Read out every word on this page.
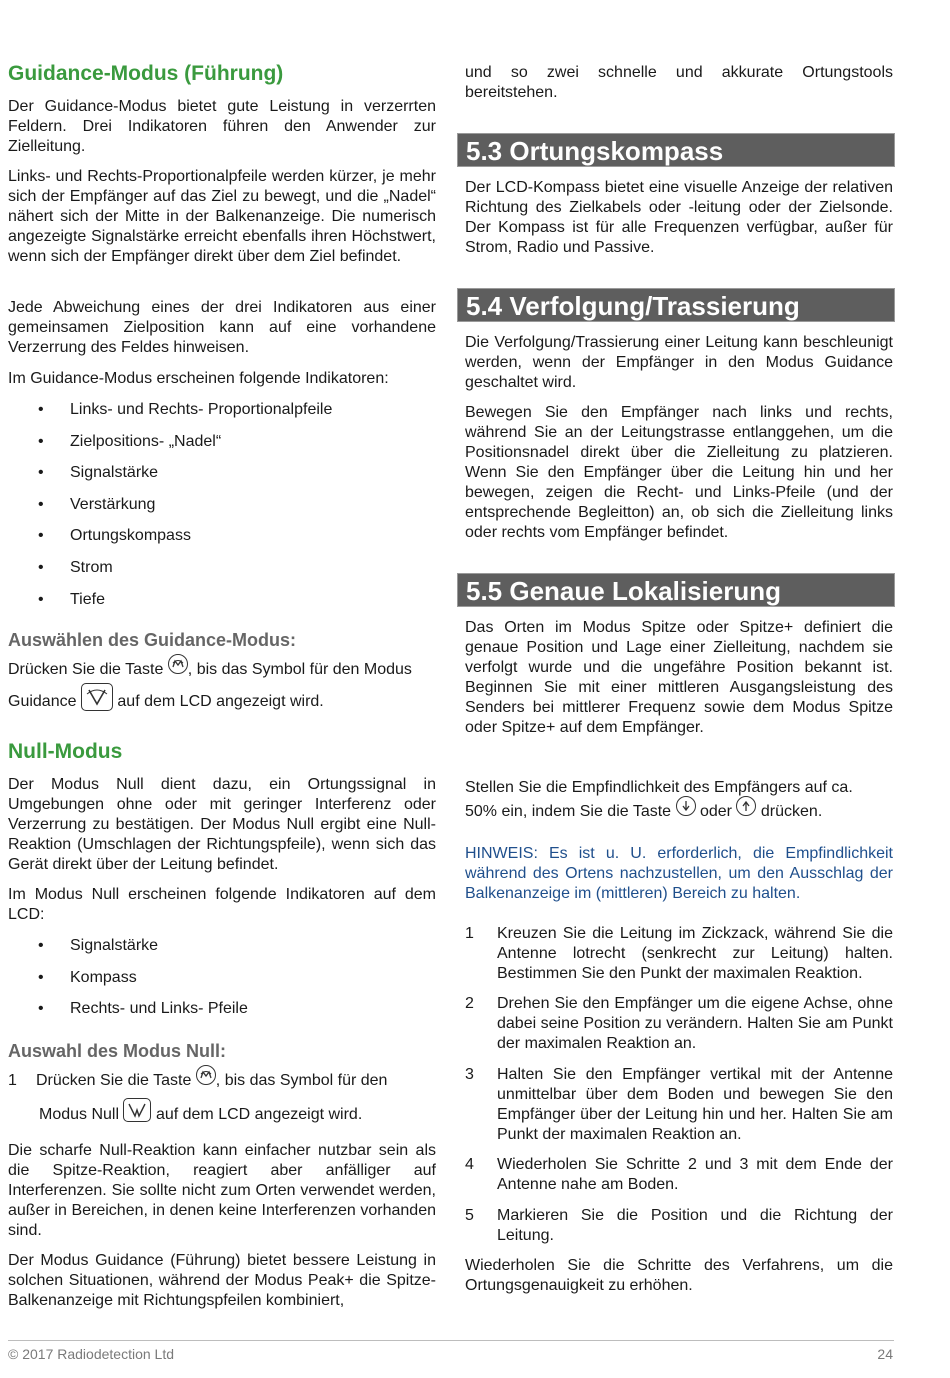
Guidance-Modus (Führung)

Der Guidance-Modus bietet gute Leistung in verzerrten Feldern. Drei Indikatoren führen den Anwender zur Zielleitung.

Links- und Rechts-Proportionalpfeile werden kürzer, je mehr sich der Empfänger auf das Ziel zu bewegt, und die „Nadel“ nähert sich der Mitte in der Balkenanzeige. Die numerisch angezeigte Signalstärke erreicht ebenfalls ihren Höchstwert, wenn sich der Empfänger direkt über dem Ziel befindet.

Jede Abweichung eines der drei Indikatoren aus einer gemeinsamen Zielposition kann auf eine vorhandene Verzerrung des Feldes hinweisen.

Im Guidance-Modus erscheinen folgende Indikatoren:

• Links- und Rechts- Proportionalpfeile
• Zielpositions- „Nadel“
• Signalstärke
• Verstärkung
• Ortungskompass
• Strom
• Tiefe
Auswählen des Guidance-Modus:
Drücken Sie die Taste , bis das Symbol für den Modus
Guidance	auf dem LCD angezeigt wird.
Null-Modus

Der Modus Null dient dazu, ein Ortungssignal in Umgebungen ohne oder mit geringer Interferenz oder Verzerrung zu bestätigen. Der Modus Null ergibt eine Null-Reaktion (Umschlagen der Richtungspfeile), wenn sich das Gerät direkt über der Leitung befindet.

Im Modus Null erscheinen folgende Indikatoren auf dem LCD:

• Signalstärke
• Kompass
• Rechts- und Links- Pfeile
Auswahl des Modus Null:
1 Drücken Sie die Taste , bis das Symbol für den
Modus Null auf dem LCD angezeigt wird.

Die scharfe Null-Reaktion kann einfacher nutzbar sein als die Spitze-Reaktion, reagiert aber anfälliger auf Interferenzen. Sie sollte nicht zum Orten verwendet werden, außer in Bereichen, in denen keine Interferenzen vorhanden sind.

Der Modus Guidance (Führung) bietet bessere Leistung in solchen Situationen, während der Modus Peak+ die Spitze-Balkenanzeige mit Richtungspfeilen kombiniert,

und so zwei schnelle und akkurate Ortungstools bereitstehen.

5.3 Ortungskompass

Der LCD-Kompass bietet eine visuelle Anzeige der relativen Richtung des Zielkabels oder -leitung oder der Zielsonde. Der Kompass ist für alle Frequenzen verfügbar, außer für Strom, Radio und Passive.

5.4 Verfolgung/Trassierung

Die Verfolgung/Trassierung einer Leitung kann beschleunigt werden, wenn der Empfänger in den Modus Guidance geschaltet wird.

Bewegen Sie den Empfänger nach links und rechts, während Sie an der Leitungstrasse entlanggehen, um die Positionsnadel direkt über die Zielleitung zu platzieren. Wenn Sie den Empfänger über die Leitung hin und her bewegen, zeigen die Recht- und Links-Pfeile (und der entsprechende Begleitton) an, ob sich die Zielleitung links oder rechts vom Empfänger befindet.

5.5 Genaue Lokalisierung

Das Orten im Modus Spitze oder Spitze+ definiert die genaue Position und Lage einer Zielleitung, nachdem sie verfolgt wurde und die ungefähre Position bekannt ist. Beginnen Sie mit einer mittleren Ausgangsleistung des Senders bei mittlerer Frequenz sowie dem Modus Spitze oder Spitze+ auf dem Empfänger.

Stellen Sie die Empfindlichkeit des Empfängers auf ca.

50% ein, indem Sie die Taste oder drücken.

HINWEIS: Es ist u. U. erforderlich, die Empfindlichkeit während des Ortens nachzustellen, um den Ausschlag der Balkenanzeige im (mittleren) Bereich zu halten.

1 Kreuzen Sie die Leitung im Zickzack, während Sie die Antenne lotrecht (senkrecht zur Leitung) halten. Bestimmen Sie den Punkt der maximalen Reaktion.

2 Drehen Sie den Empfänger um die eigene Achse, ohne dabei seine Position zu verändern. Halten Sie am Punkt der maximalen Reaktion an.

3 Halten Sie den Empfänger vertikal mit der Antenne unmittelbar über dem Boden und bewegen Sie den Empfänger über der Leitung hin und her. Halten Sie am Punkt der maximalen Reaktion an.

4 Wiederholen Sie Schritte 2 und 3 mit dem Ende der Antenne nahe am Boden.

5 Markieren Sie die Position und die Richtung der Leitung.

Wiederholen Sie die Schritte des Verfahrens, um die Ortungsgenauigkeit zu erhöhen.

© 2017 Radiodetection Ltd	24
